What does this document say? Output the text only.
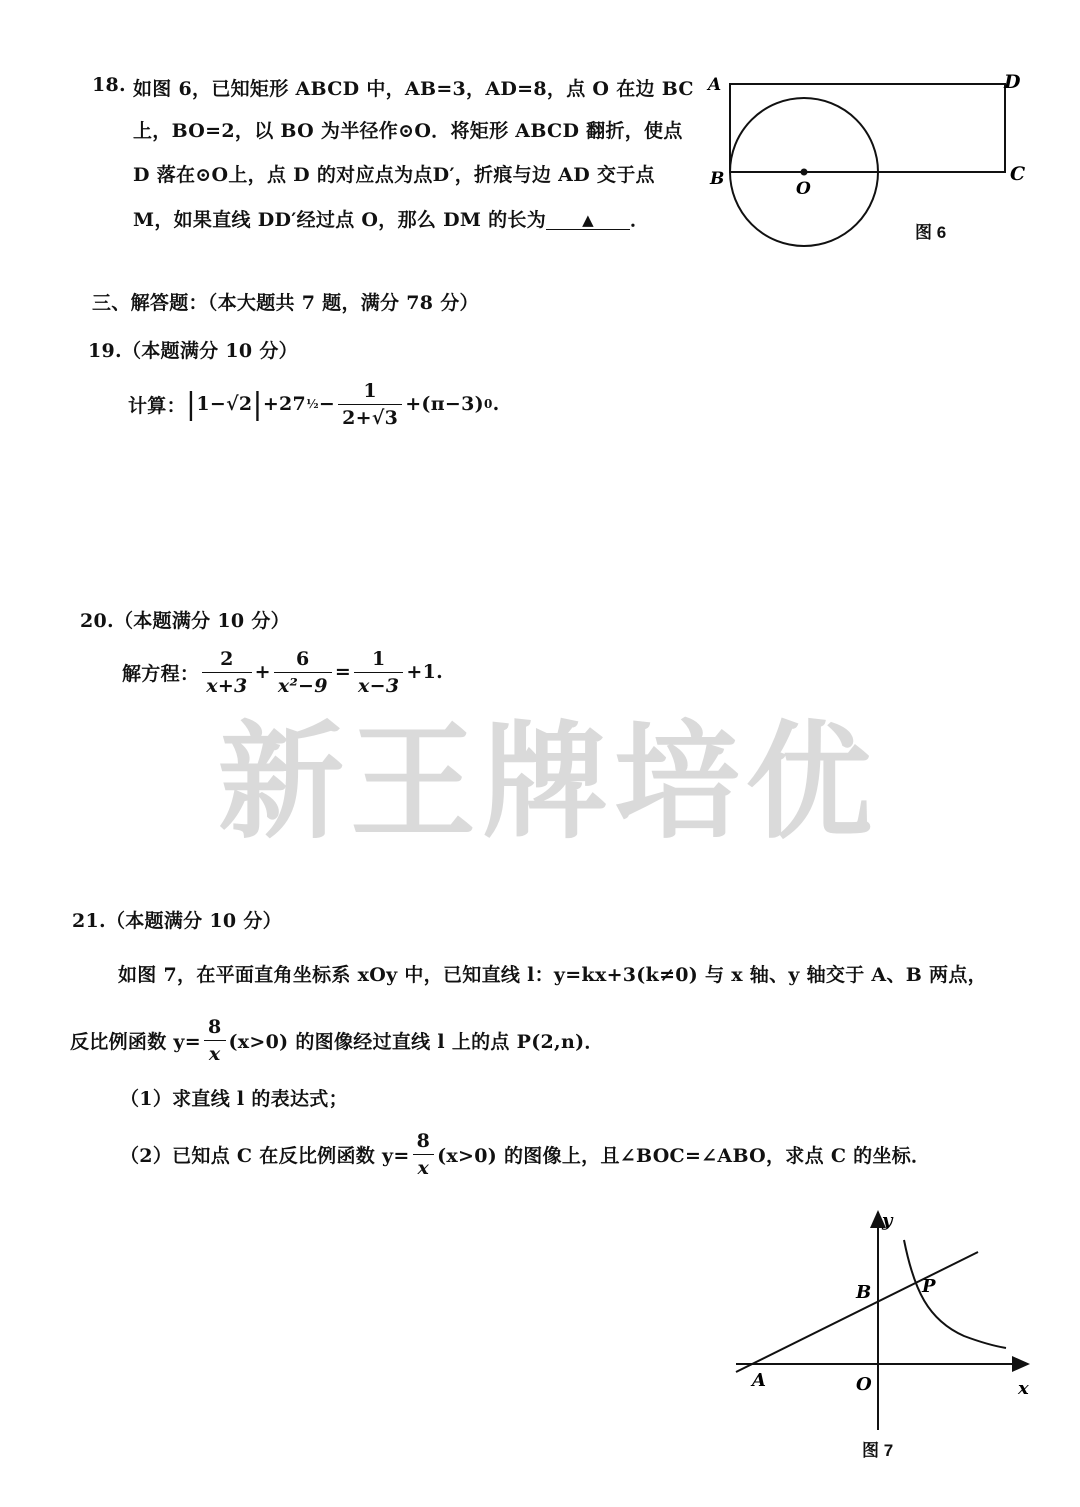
18. 如图 6，已知矩形 ABCD 中，AB=3，AD=8，点 O 在边 BC
上，BO=2，以 BO 为半径作⊙O．将矩形 ABCD 翻折，使点
D 落在⊙O上，点 D 的对应点为点D′，折痕与边 AD 交于点
M，如果直线 DD′经过点 O，那么 DM 的长为 ▲ ．
A	D
B	C
O
图 6
三、解答题：（本大题共 7 题，满分 78 分）
19.（本题满分 10 分）
计算： | 1−√2 | +27 ½ − $\frac{1}{2+√3} +(\pi-3)$ 0 .
20.（本题满分 10 分）
解方程： $\frac{2}{x+3} + \frac{6}{\text{x²−9}} = \frac{1}{x-3} +1$.
新王牌培优
21.（本题满分 10 分）
如图 7，在平面直角坐标系 xOy 中，已知直线 l：y=kx+3(k≠0) 与 x 轴、y 轴交于 A、B 两点，
反比例函数 $y= \frac{8}{x} (x>0)$ 的图像经过直线 l 上的点 P(2,n)．
（1）求直线 l 的表达式；
（2）已知点 C 在反比例函数 $y= \frac{8}{x} (x>0)$ 的图像上，且∠BOC=∠ABO，求点 C 的坐标．
A
B
O
P
x
y
图 7
